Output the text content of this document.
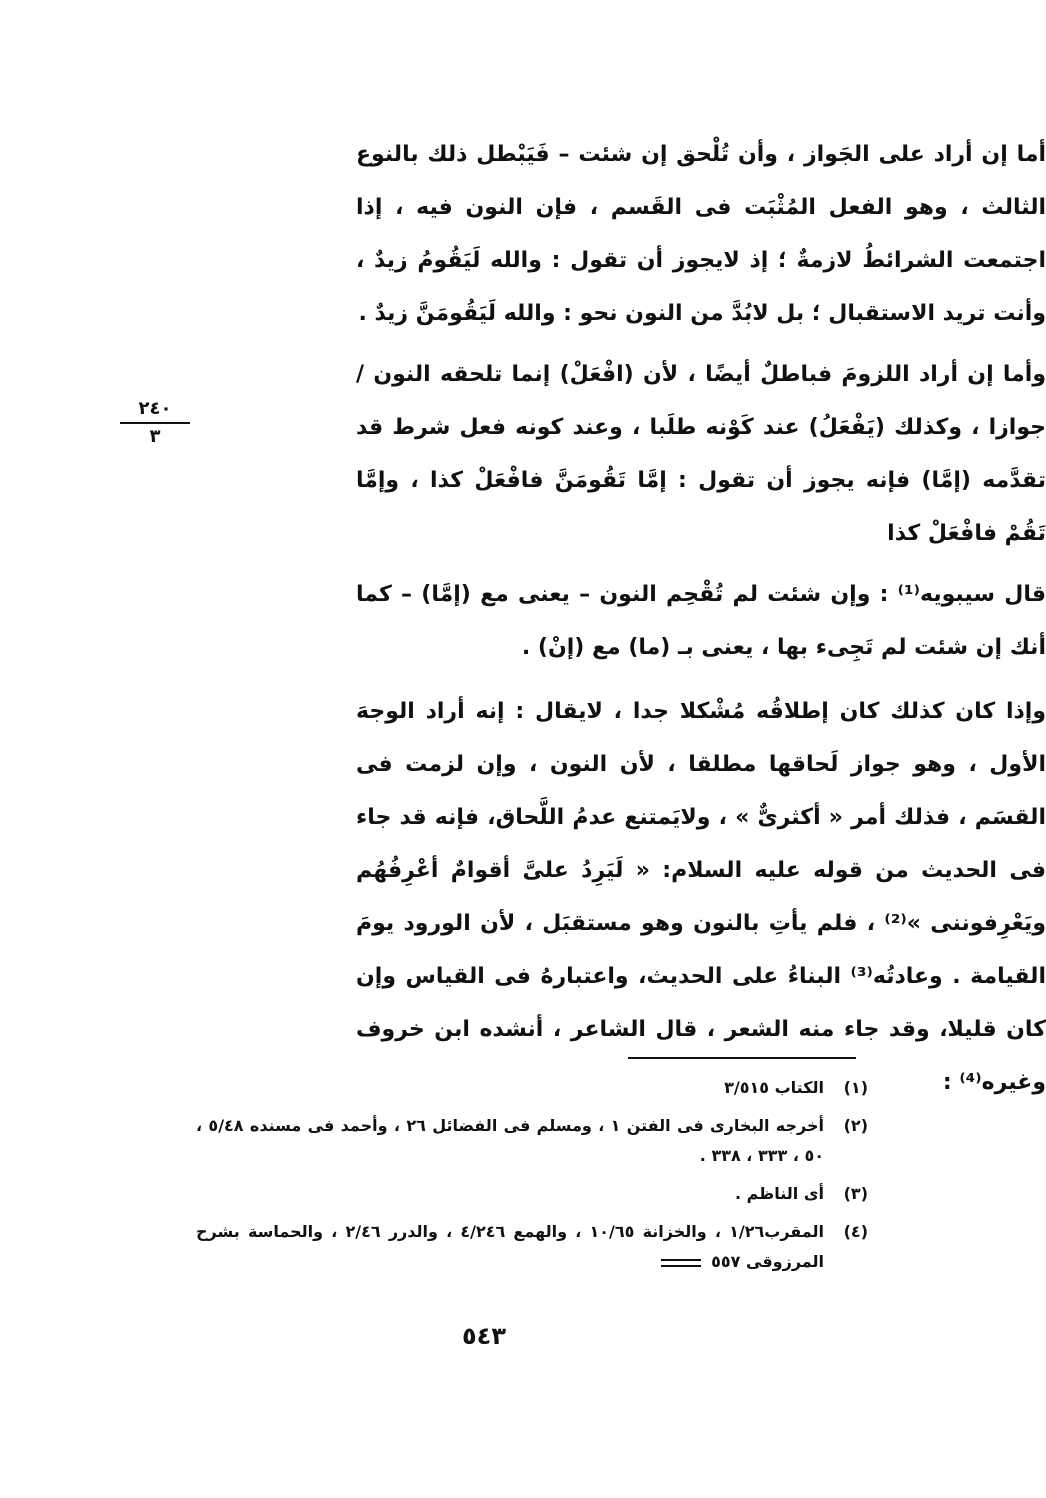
أما إن أراد على الجَواز ، وأن تُلْحق إن شئت – فَيَبْطل ذلك بالنوع الثالث ، وهو الفعل المُثْبَت فى القَسم ، فإن النون فيه ، إذا اجتمعت الشرائطُ لازمةٌ ؛ إذ لايجوز أن تقول : والله لَيَقُومُ زيدٌ ، وأنت تريد الاستقبال ؛ بل لابُدَّ من النون نحو : والله لَيَقُومَنَّ زيدٌ .

وأما إن أراد اللزومَ فباطلٌ أيضًا ، لأن (افْعَلْ) إنما تلحقه النون / جوازا ، وكذلك (يَفْعَلُ) عند كَوْنه طلَبا ، وعند كونه فعل شرط قد تقدَّمه (إمَّا) فإنه يجوز أن تقول : إمَّا تَقُومَنَّ فافْعَلْ كذا ، وإمَّا تَقُمْ فافْعَلْ كذا

قال سيبويه⁽¹⁾ : وإن شئت لم تُقْحِم النون – يعنى مع (إمَّا) – كما أنك إن شئت لم تَجِىء بها ، يعنى بـ (ما) مع (إنْ) .

وإذا كان كذلك كان إطلاقُه مُشْكلا جدا ، لايقال : إنه أراد الوجهَ الأول ، وهو جواز لَحاقها مطلقا ، لأن النون ، وإن لزمت فى القسَم ، فذلك أمر « أكثرىٌّ » ، ولايَمتنع عدمُ اللَّحاق، فإنه قد جاء فى الحديث من قوله عليه السلام: « لَيَرِدُ علىَّ أقوامٌ أعْرِفُهُم ويَعْرِفوننى »⁽²⁾ ، فلم يأتِ بالنون وهو مستقبَل ، لأن الورود يومَ القيامة . وعادتُه⁽³⁾ البناءُ على الحديث، واعتبارهُ فى القياس وإن كان قليلا، وقد جاء منه الشعر ، قال الشاعر ، أنشده ابن خروف وغيره⁽⁴⁾ :

٢٤٠
٣
(١)
الكتاب ٣/٥١٥
(٢)
أخرجه البخارى فى الفتن ١ ، ومسلم فى الفضائل ٢٦ ، وأحمد فى مسنده ٥/٤٨ ، ٥٠ ، ٣٣٣ ، ٣٣٨ .
(٣)
أى الناظم .
(٤)
المقرب١/٢٦ ، والخزانة ١٠/٦٥ ، والهمع ٤/٢٤٦ ، والدرر ٢/٤٦ ، والحماسة بشرح المرزوقى ٥٥٧
٥٤٣
